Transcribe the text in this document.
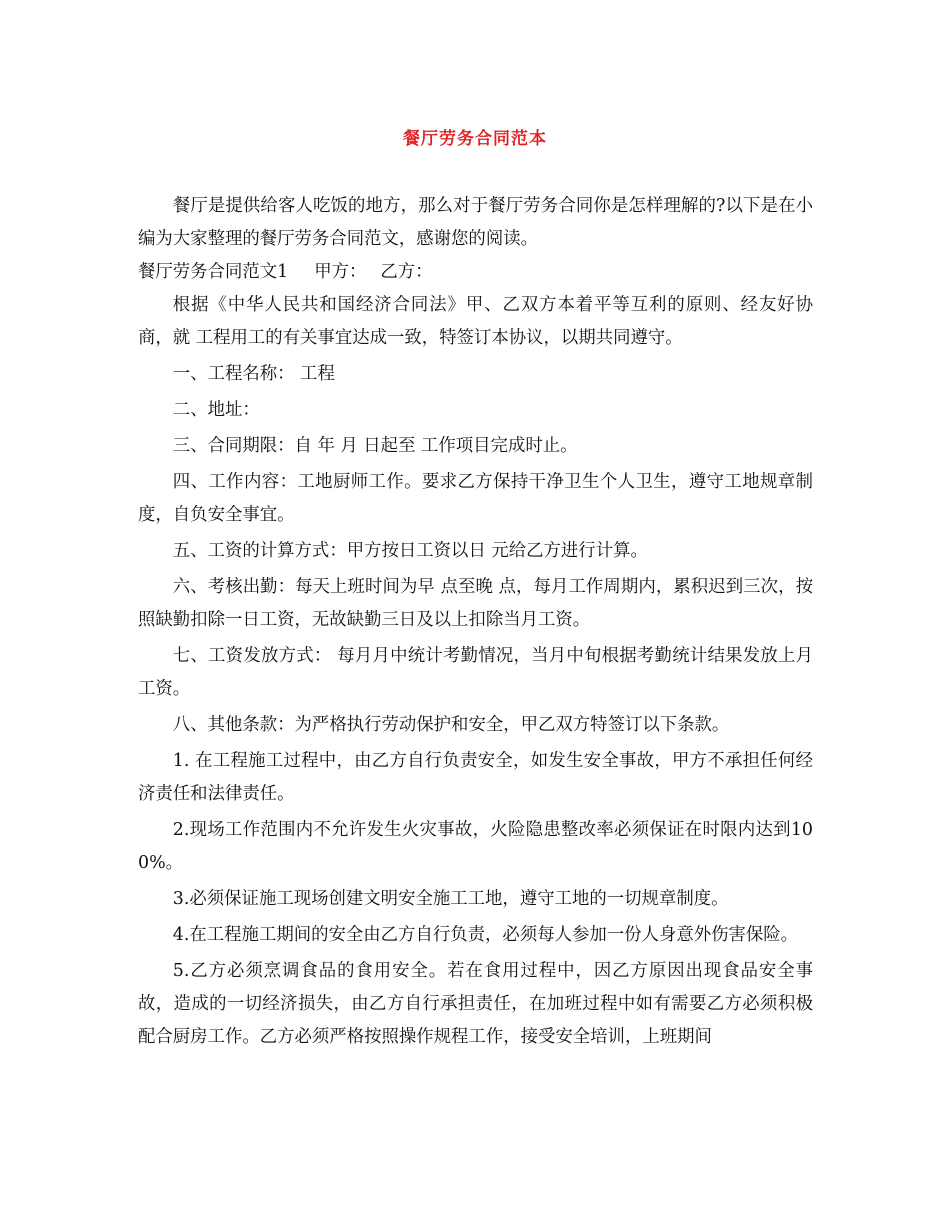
餐厅劳务合同范本

餐厅是提供给客人吃饭的地方，那么对于餐厅劳务合同你是怎样理解的?以下是在小编为大家整理的餐厅劳务合同范文，感谢您的阅读。

餐厅劳务合同范文1 甲方： 乙方：

根据《中华人民共和国经济合同法》甲、乙双方本着平等互利的原则、经友好协商，就 工程用工的有关事宜达成一致，特签订本协议，以期共同遵守。

一、工程名称： 工程

二、地址：

三、合同期限：自 年 月 日起至 工作项目完成时止。

四、工作内容：工地厨师工作。要求乙方保持干净卫生个人卫生，遵守工地规章制度，自负安全事宜。

五、工资的计算方式：甲方按日工资以日 元给乙方进行计算。

六、考核出勤：每天上班时间为早 点至晚 点，每月工作周期内，累积迟到三次，按照缺勤扣除一日工资，无故缺勤三日及以上扣除当月工资。

七、工资发放方式： 每月月中统计考勤情况，当月中旬根据考勤统计结果发放上月工资。

八、其他条款：为严格执行劳动保护和安全，甲乙双方特签订以下条款。

1. 在工程施工过程中，由乙方自行负责安全，如发生安全事故，甲方不承担任何经济责任和法律责任。

2.现场工作范围内不允许发生火灾事故，火险隐患整改率必须保证在时限内达到100%。

3.必须保证施工现场创建文明安全施工工地，遵守工地的一切规章制度。

4.在工程施工期间的安全由乙方自行负责，必须每人参加一份人身意外伤害保险。

5.乙方必须烹调食品的食用安全。若在食用过程中，因乙方原因出现食品安全事故，造成的一切经济损失，由乙方自行承担责任，在加班过程中如有需要乙方必须积极配合厨房工作。乙方必须严格按照操作规程工作，接受安全培训，上班期间
